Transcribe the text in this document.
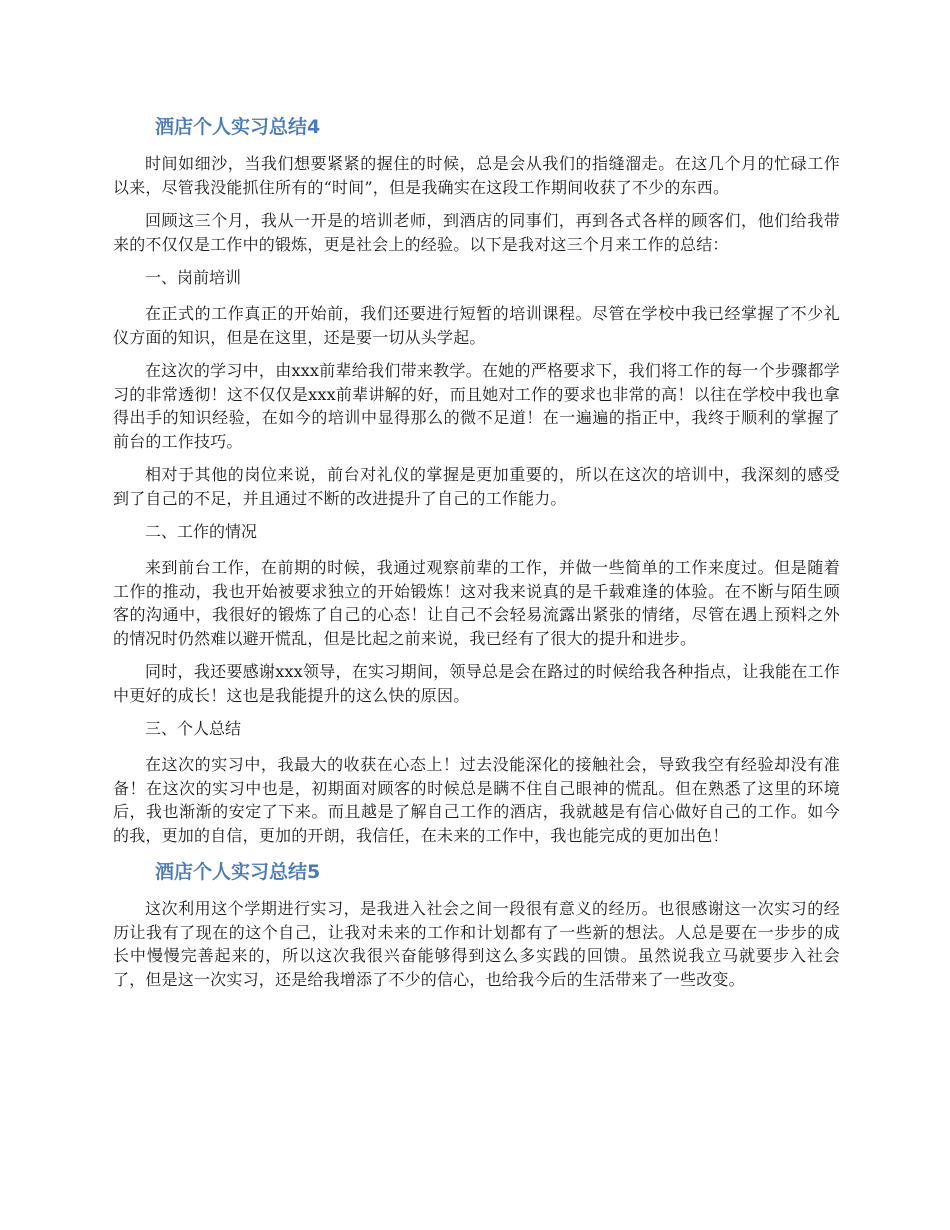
酒店个人实习总结4

时间如细沙，当我们想要紧紧的握住的时候，总是会从我们的指缝溜走。在这几个月的忙碌工作以来，尽管我没能抓住所有的“时间”，但是我确实在这段工作期间收获了不少的东西。

回顾这三个月，我从一开是的培训老师，到酒店的同事们，再到各式各样的顾客们，他们给我带来的不仅仅是工作中的锻炼，更是社会上的经验。以下是我对这三个月来工作的总结：

一、岗前培训

在正式的工作真正的开始前，我们还要进行短暂的培训课程。尽管在学校中我已经掌握了不少礼仪方面的知识，但是在这里，还是要一切从头学起。

在这次的学习中，由xxx前辈给我们带来教学。在她的严格要求下，我们将工作的每一个步骤都学习的非常透彻！这不仅仅是xxx前辈讲解的好，而且她对工作的要求也非常的高！以往在学校中我也拿得出手的知识经验，在如今的培训中显得那么的微不足道！在一遍遍的指正中，我终于顺利的掌握了前台的工作技巧。

相对于其他的岗位来说，前台对礼仪的掌握是更加重要的，所以在这次的培训中，我深刻的感受到了自己的不足，并且通过不断的改进提升了自己的工作能力。

二、工作的情况

来到前台工作，在前期的时候，我通过观察前辈的工作，并做一些简单的工作来度过。但是随着工作的推动，我也开始被要求独立的开始锻炼！这对我来说真的是千载难逢的体验。在不断与陌生顾客的沟通中，我很好的锻炼了自己的心态！让自己不会轻易流露出紧张的情绪，尽管在遇上预料之外的情况时仍然难以避开慌乱，但是比起之前来说，我已经有了很大的提升和进步。

同时，我还要感谢xxx领导，在实习期间，领导总是会在路过的时候给我各种指点，让我能在工作中更好的成长！这也是我能提升的这么快的原因。

三、个人总结

在这次的实习中，我最大的收获在心态上！过去没能深化的接触社会，导致我空有经验却没有准备！在这次的实习中也是，初期面对顾客的时候总是瞒不住自己眼神的慌乱。但在熟悉了这里的环境后，我也渐渐的安定了下来。而且越是了解自己工作的酒店，我就越是有信心做好自己的工作。如今的我，更加的自信，更加的开朗，我信任，在未来的工作中，我也能完成的更加出色！

酒店个人实习总结5

这次利用这个学期进行实习，是我进入社会之间一段很有意义的经历。也很感谢这一次实习的经历让我有了现在的这个自己，让我对未来的工作和计划都有了一些新的想法。人总是要在一步步的成长中慢慢完善起来的，所以这次我很兴奋能够得到这么多实践的回馈。虽然说我立马就要步入社会了，但是这一次实习，还是给我增添了不少的信心，也给我今后的生活带来了一些改变。
